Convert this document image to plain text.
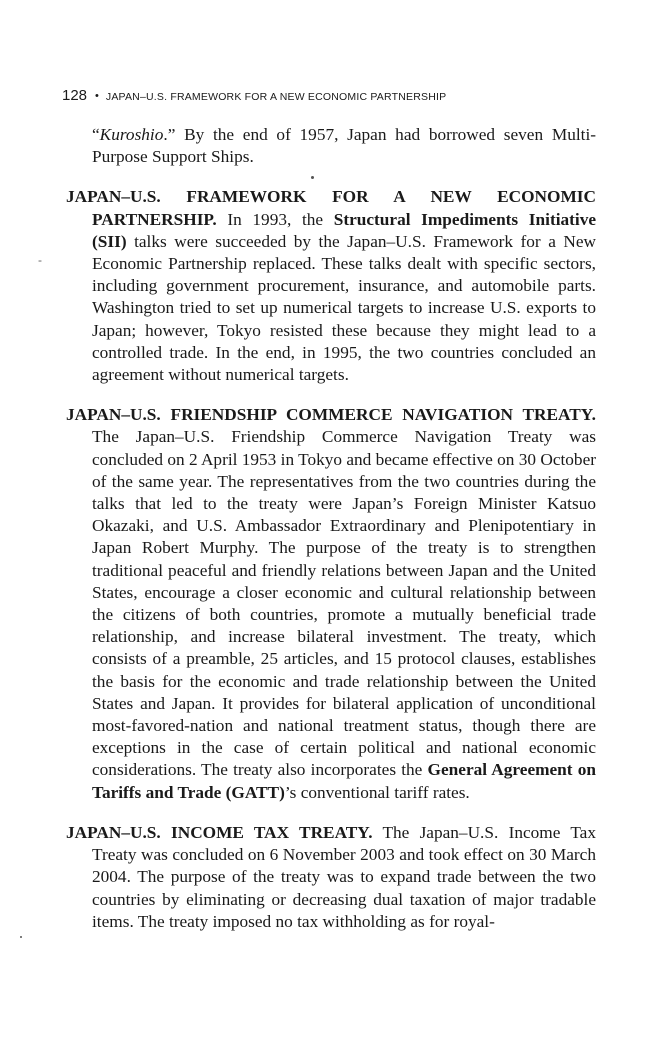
128 • JAPAN–U.S. FRAMEWORK FOR A NEW ECONOMIC PARTNERSHIP

“Kuroshio.” By the end of 1957, Japan had borrowed seven Multi-Purpose Support Ships.

JAPAN–U.S. FRAMEWORK FOR A NEW ECONOMIC PARTNERSHIP. In 1993, the Structural Impediments Initiative (SII) talks were succeeded by the Japan–U.S. Framework for a New Economic Partnership replaced. These talks dealt with specific sectors, including government procurement, insurance, and automobile parts. Washington tried to set up numerical targets to increase U.S. exports to Japan; however, Tokyo resisted these because they might lead to a controlled trade. In the end, in 1995, the two countries concluded an agreement without numerical targets.

JAPAN–U.S. FRIENDSHIP COMMERCE NAVIGATION TREATY. The Japan–U.S. Friendship Commerce Navigation Treaty was concluded on 2 April 1953 in Tokyo and became effective on 30 October of the same year. The representatives from the two countries during the talks that led to the treaty were Japan’s Foreign Minister Katsuo Okazaki, and U.S. Ambassador Extraordinary and Plenipotentiary in Japan Robert Murphy. The purpose of the treaty is to strengthen traditional peaceful and friendly relations between Japan and the United States, encourage a closer economic and cultural relationship between the citizens of both countries, promote a mutually beneficial trade relationship, and increase bilateral investment. The treaty, which consists of a preamble, 25 articles, and 15 protocol clauses, establishes the basis for the economic and trade relationship between the United States and Japan. It provides for bilateral application of unconditional most-favored-nation and national treatment status, though there are exceptions in the case of certain political and national economic considerations. The treaty also incorporates the General Agreement on Tariffs and Trade (GATT)’s conventional tariff rates.

JAPAN–U.S. INCOME TAX TREATY. The Japan–U.S. Income Tax Treaty was concluded on 6 November 2003 and took effect on 30 March 2004. The purpose of the treaty was to expand trade between the two countries by eliminating or decreasing dual taxation of major tradable items. The treaty imposed no tax withholding as for royal-

-
